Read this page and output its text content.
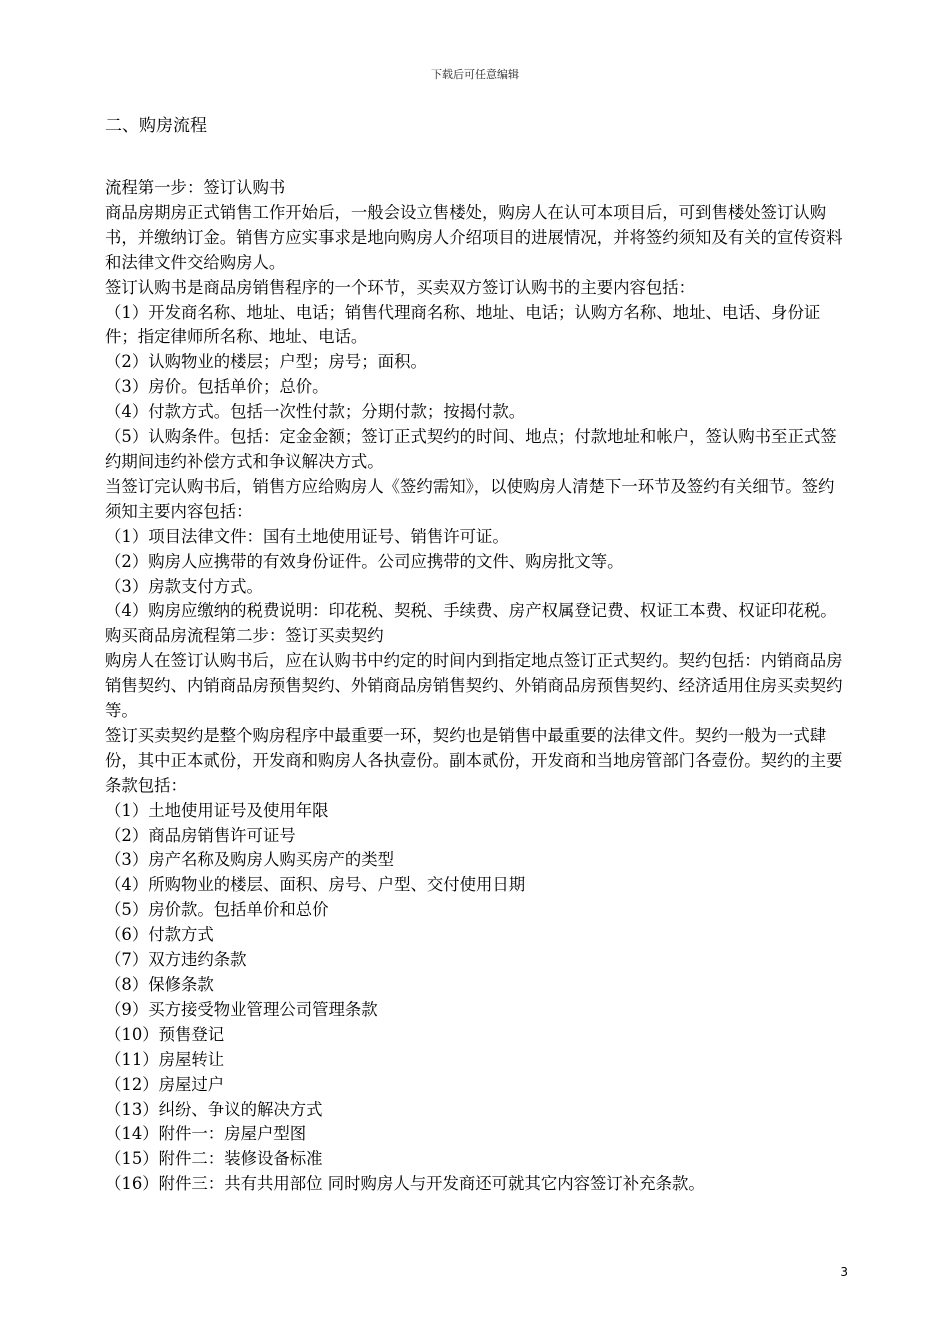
下载后可任意编辑
二、购房流程

流程第一步：签订认购书

商品房期房正式销售工作开始后，一般会设立售楼处，购房人在认可本项目后，可到售楼处签订认购书，并缴纳订金。销售方应实事求是地向购房人介绍项目的进展情况，并将签约须知及有关的宣传资料和法律文件交给购房人。

签订认购书是商品房销售程序的一个环节，买卖双方签订认购书的主要内容包括：

（1）开发商名称、地址、电话；销售代理商名称、地址、电话；认购方名称、地址、电话、身份证件；指定律师所名称、地址、电话。

（2）认购物业的楼层；户型；房号；面积。

（3）房价。包括单价；总价。

（4）付款方式。包括一次性付款；分期付款；按揭付款。

（5）认购条件。包括：定金金额；签订正式契约的时间、地点；付款地址和帐户，签认购书至正式签约期间违约补偿方式和争议解决方式。

当签订完认购书后，销售方应给购房人《签约需知》，以使购房人清楚下一环节及签约有关细节。签约须知主要内容包括：

（1）项目法律文件：国有土地使用证号、销售许可证。

（2）购房人应携带的有效身份证件。公司应携带的文件、购房批文等。

（3）房款支付方式。

（4）购房应缴纳的税费说明：印花税、契税、手续费、房产权属登记费、权证工本费、权证印花税。

购买商品房流程第二步：签订买卖契约

购房人在签订认购书后，应在认购书中约定的时间内到指定地点签订正式契约。契约包括：内销商品房销售契约、内销商品房预售契约、外销商品房销售契约、外销商品房预售契约、经济适用住房买卖契约等。

签订买卖契约是整个购房程序中最重要一环，契约也是销售中最重要的法律文件。契约一般为一式肆份，其中正本贰份，开发商和购房人各执壹份。副本贰份，开发商和当地房管部门各壹份。契约的主要条款包括：

（1）土地使用证号及使用年限

（2）商品房销售许可证号

（3）房产名称及购房人购买房产的类型

（4）所购物业的楼层、面积、房号、户型、交付使用日期

（5）房价款。包括单价和总价

（6）付款方式

（7）双方违约条款

（8）保修条款

（9）买方接受物业管理公司管理条款

（10）预售登记

（11）房屋转让

（12）房屋过户

（13）纠纷、争议的解决方式

（14）附件一：房屋户型图

（15）附件二：装修设备标准

（16）附件三：共有共用部位 同时购房人与开发商还可就其它内容签订补充条款。

3
